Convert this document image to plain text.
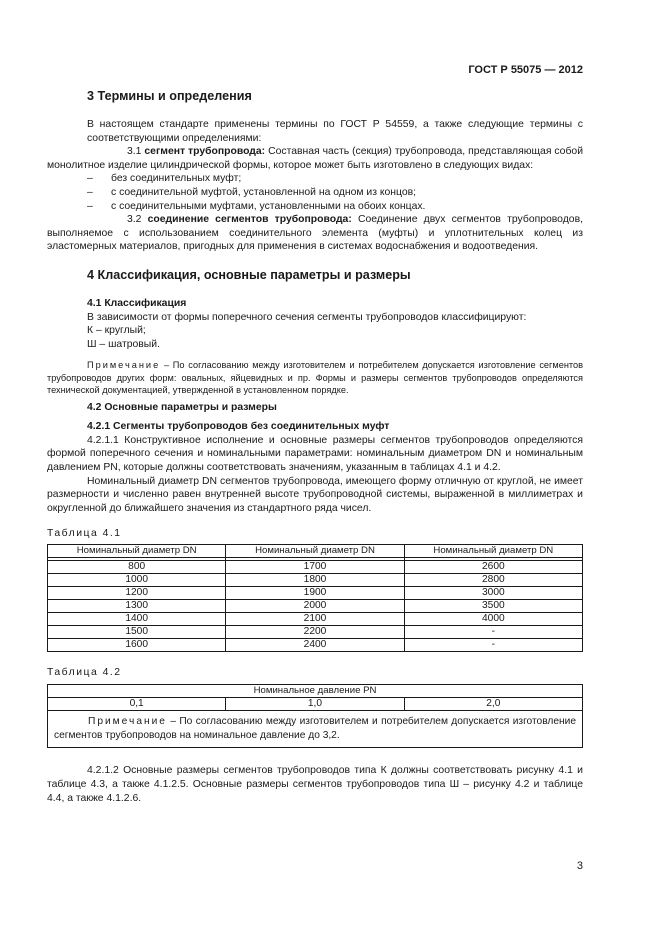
ГОСТ Р 55075 — 2012
3 Термины и определения

В настоящем стандарте применены термины по ГОСТ Р 54559, а также следующие термины с соответствующими определениями:

3.1 сегмент трубопровода: Составная часть (секция) трубопровода, представляющая собой монолитное изделие цилиндрической формы, которое может быть изготовлено в следующих видах:

–	без соединительных муфт;
–	с соединительной муфтой, установленной на одном из концов;
–	с соединительными муфтами, установленными на обоих концах.

3.2 соединение сегментов трубопровода: Соединение двух сегментов трубопроводов, выполняемое с использованием соединительного элемента (муфты) и уплотнительных колец из эластомерных материалов, пригодных для применения в системах водоснабжения и водоотведения.

4 Классификация, основные параметры и размеры
4.1 Классификация

В зависимости от формы поперечного сечения сегменты трубопроводов классифицируют:

К – круглый;

Ш – шатровый.

Примечание – По согласованию между изготовителем и потребителем допускается изготовление сегментов трубопроводов других форм: овальных, яйцевидных и пр. Формы и размеры сегментов трубопроводов определяются технической документацией, утвержденной в установленном порядке.

4.2 Основные параметры и размеры
4.2.1 Сегменты трубопроводов без соединительных муфт

4.2.1.1 Конструктивное исполнение и основные размеры сегментов трубопроводов определяются формой поперечного сечения и номинальными параметрами: номинальным диаметром DN и номинальным давлением PN, которые должны соответствовать значениям, указанным в таблицах 4.1 и 4.2.

Номинальный диаметр DN сегментов трубопровода, имеющего форму отличную от круглой, не имеет размерности и численно равен внутренней высоте трубопроводной системы, выраженной в миллиметрах и округленной до ближайшего значения из стандартного ряда чисел.

Таблица 4.1
Номинальный диаметр DN	Номинальный диаметр DN	Номинальный диаметр DN

800	1700	2600
1000	1800	2800
1200	1900	3000
1300	2000	3500
1400	2100	4000
1500	2200	-
1600	2400	-
Таблица 4.2
Номинальное давление PN
0,1	1,0	2,0
Примечание – По согласованию между изготовителем и потребителем допускается изготовление сегментов трубопроводов на номинальное давление до 3,2.

4.2.1.2 Основные размеры сегментов трубопроводов типа К должны соответствовать рисунку 4.1 и таблице 4.3, а также 4.1.2.5. Основные размеры сегментов трубопроводов типа Ш – рисунку 4.2 и таблице 4.4, а также 4.1.2.6.

3
